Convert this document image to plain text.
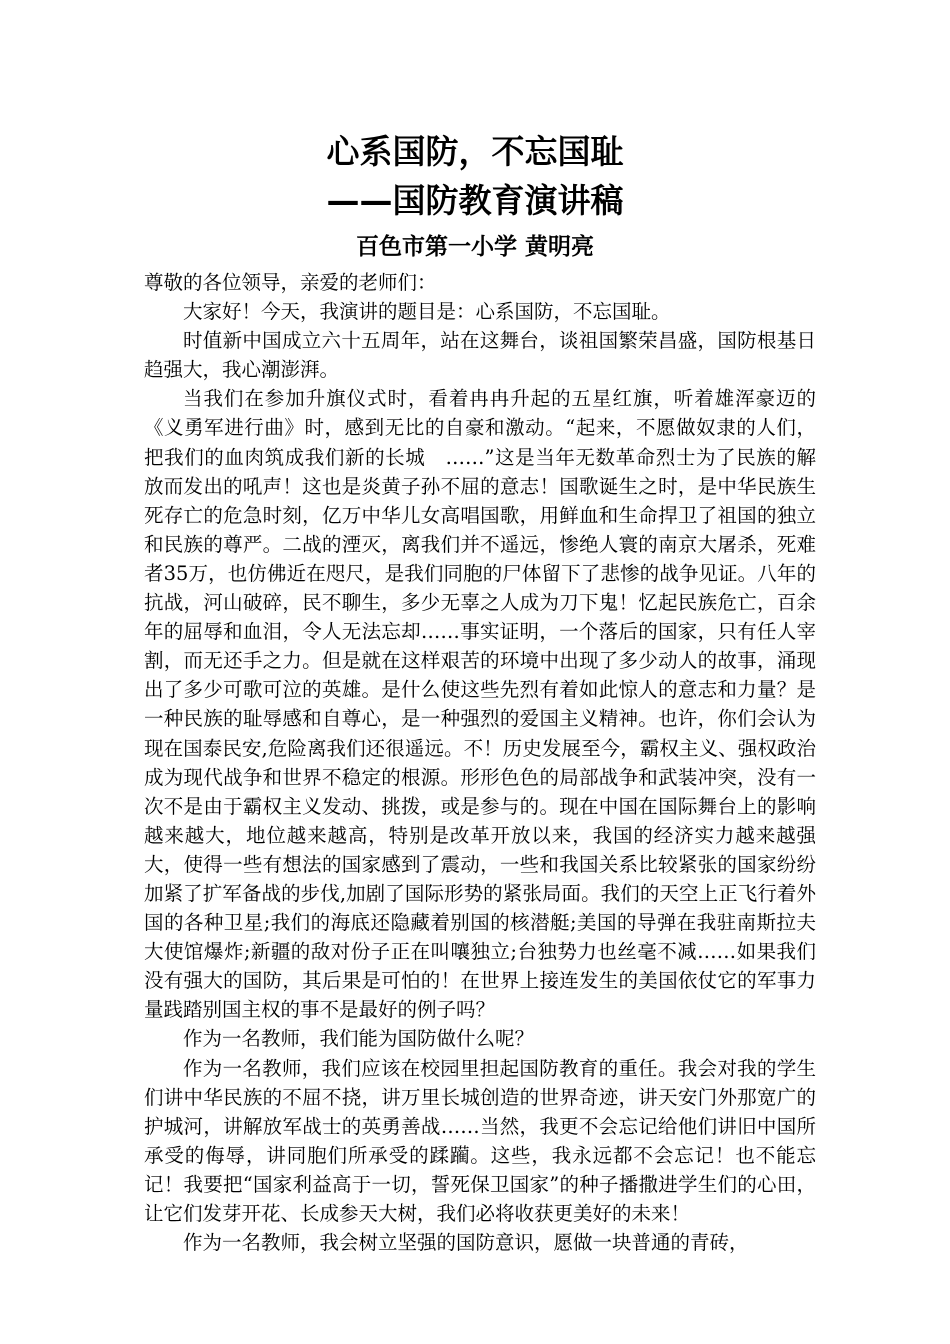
心系国防，不忘国耻
——国防教育演讲稿
百色市第一小学 黄明亮

尊敬的各位领导，亲爱的老师们：

大家好！今天，我演讲的题目是：心系国防，不忘国耻。

时值新中国成立六十五周年，站在这舞台，谈祖国繁荣昌盛，国防根基日趋强大，我心潮澎湃。

当我们在参加升旗仪式时，看着冉冉升起的五星红旗，听着雄浑豪迈的《义勇军进行曲》时，感到无比的自豪和激动。“起来，不愿做奴隶的人们，把我们的血肉筑成我们新的长城　……”这是当年无数革命烈士为了民族的解放而发出的吼声！这也是炎黄子孙不屈的意志！国歌诞生之时，是中华民族生死存亡的危急时刻，亿万中华儿女高唱国歌，用鲜血和生命捍卫了祖国的独立和民族的尊严。二战的湮灭，离我们并不遥远，惨绝人寰的南京大屠杀，死难者35万，也仿佛近在咫尺，是我们同胞的尸体留下了悲惨的战争见证。八年的抗战，河山破碎，民不聊生，多少无辜之人成为刀下鬼！忆起民族危亡，百余年的屈辱和血泪，令人无法忘却……事实证明，一个落后的国家，只有任人宰割，而无还手之力。但是就在这样艰苦的环境中出现了多少动人的故事，涌现出了多少可歌可泣的英雄。是什么使这些先烈有着如此惊人的意志和力量？是一种民族的耻辱感和自尊心，是一种强烈的爱国主义精神。也许，你们会认为现在国泰民安,危险离我们还很遥远。不！历史发展至今，霸权主义、强权政治成为现代战争和世界不稳定的根源。形形色色的局部战争和武装冲突，没有一次不是由于霸权主义发动、挑拨，或是参与的。现在中国在国际舞台上的影响越来越大，地位越来越高，特别是改革开放以来，我国的经济实力越来越强大，使得一些有想法的国家感到了震动，一些和我国关系比较紧张的国家纷纷加紧了扩军备战的步伐,加剧了国际形势的紧张局面。我们的天空上正飞行着外国的各种卫星;我们的海底还隐藏着别国的核潜艇;美国的导弹在我驻南斯拉夫大使馆爆炸;新疆的敌对份子正在叫嚷独立;台独势力也丝毫不减……如果我们没有强大的国防，其后果是可怕的！在世界上接连发生的美国依仗它的军事力量践踏别国主权的事不是最好的例子吗？

作为一名教师，我们能为国防做什么呢？

作为一名教师，我们应该在校园里担起国防教育的重任。我会对我的学生们讲中华民族的不屈不挠，讲万里长城创造的世界奇迹，讲天安门外那宽广的护城河，讲解放军战士的英勇善战……当然，我更不会忘记给他们讲旧中国所承受的侮辱，讲同胞们所承受的蹂躏。这些，我永远都不会忘记！也不能忘记！我要把“国家利益高于一切，誓死保卫国家”的种子播撒进学生们的心田，让它们发芽开花、长成参天大树，我们必将收获更美好的未来！

作为一名教师，我会树立坚强的国防意识，愿做一块普通的青砖，
